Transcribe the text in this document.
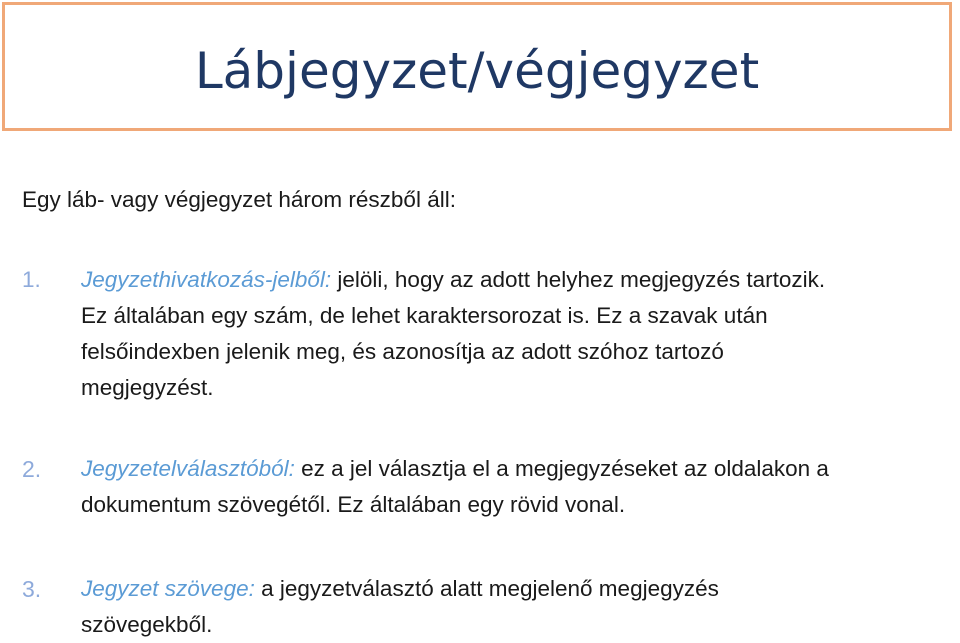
Lábjegyzet/végjegyzet
Egy láb- vagy végjegyzet három részből áll:
1. Jegyzethivatkozás-jelből: jelöli, hogy az adott helyhez megjegyzés tartozik.
Ez általában egy szám, de lehet karaktersorozat is. Ez a szavak után
felsőindexben jelenik meg, és azonosítja az adott szóhoz tartozó
megjegyzést.
2. Jegyzetelválasztóból: ez a jel választja el a megjegyzéseket az oldalakon a
dokumentum szövegétől. Ez általában egy rövid vonal.
3. Jegyzet szövege: a jegyzetválasztó alatt megjelenő megjegyzés
szövegekből.
